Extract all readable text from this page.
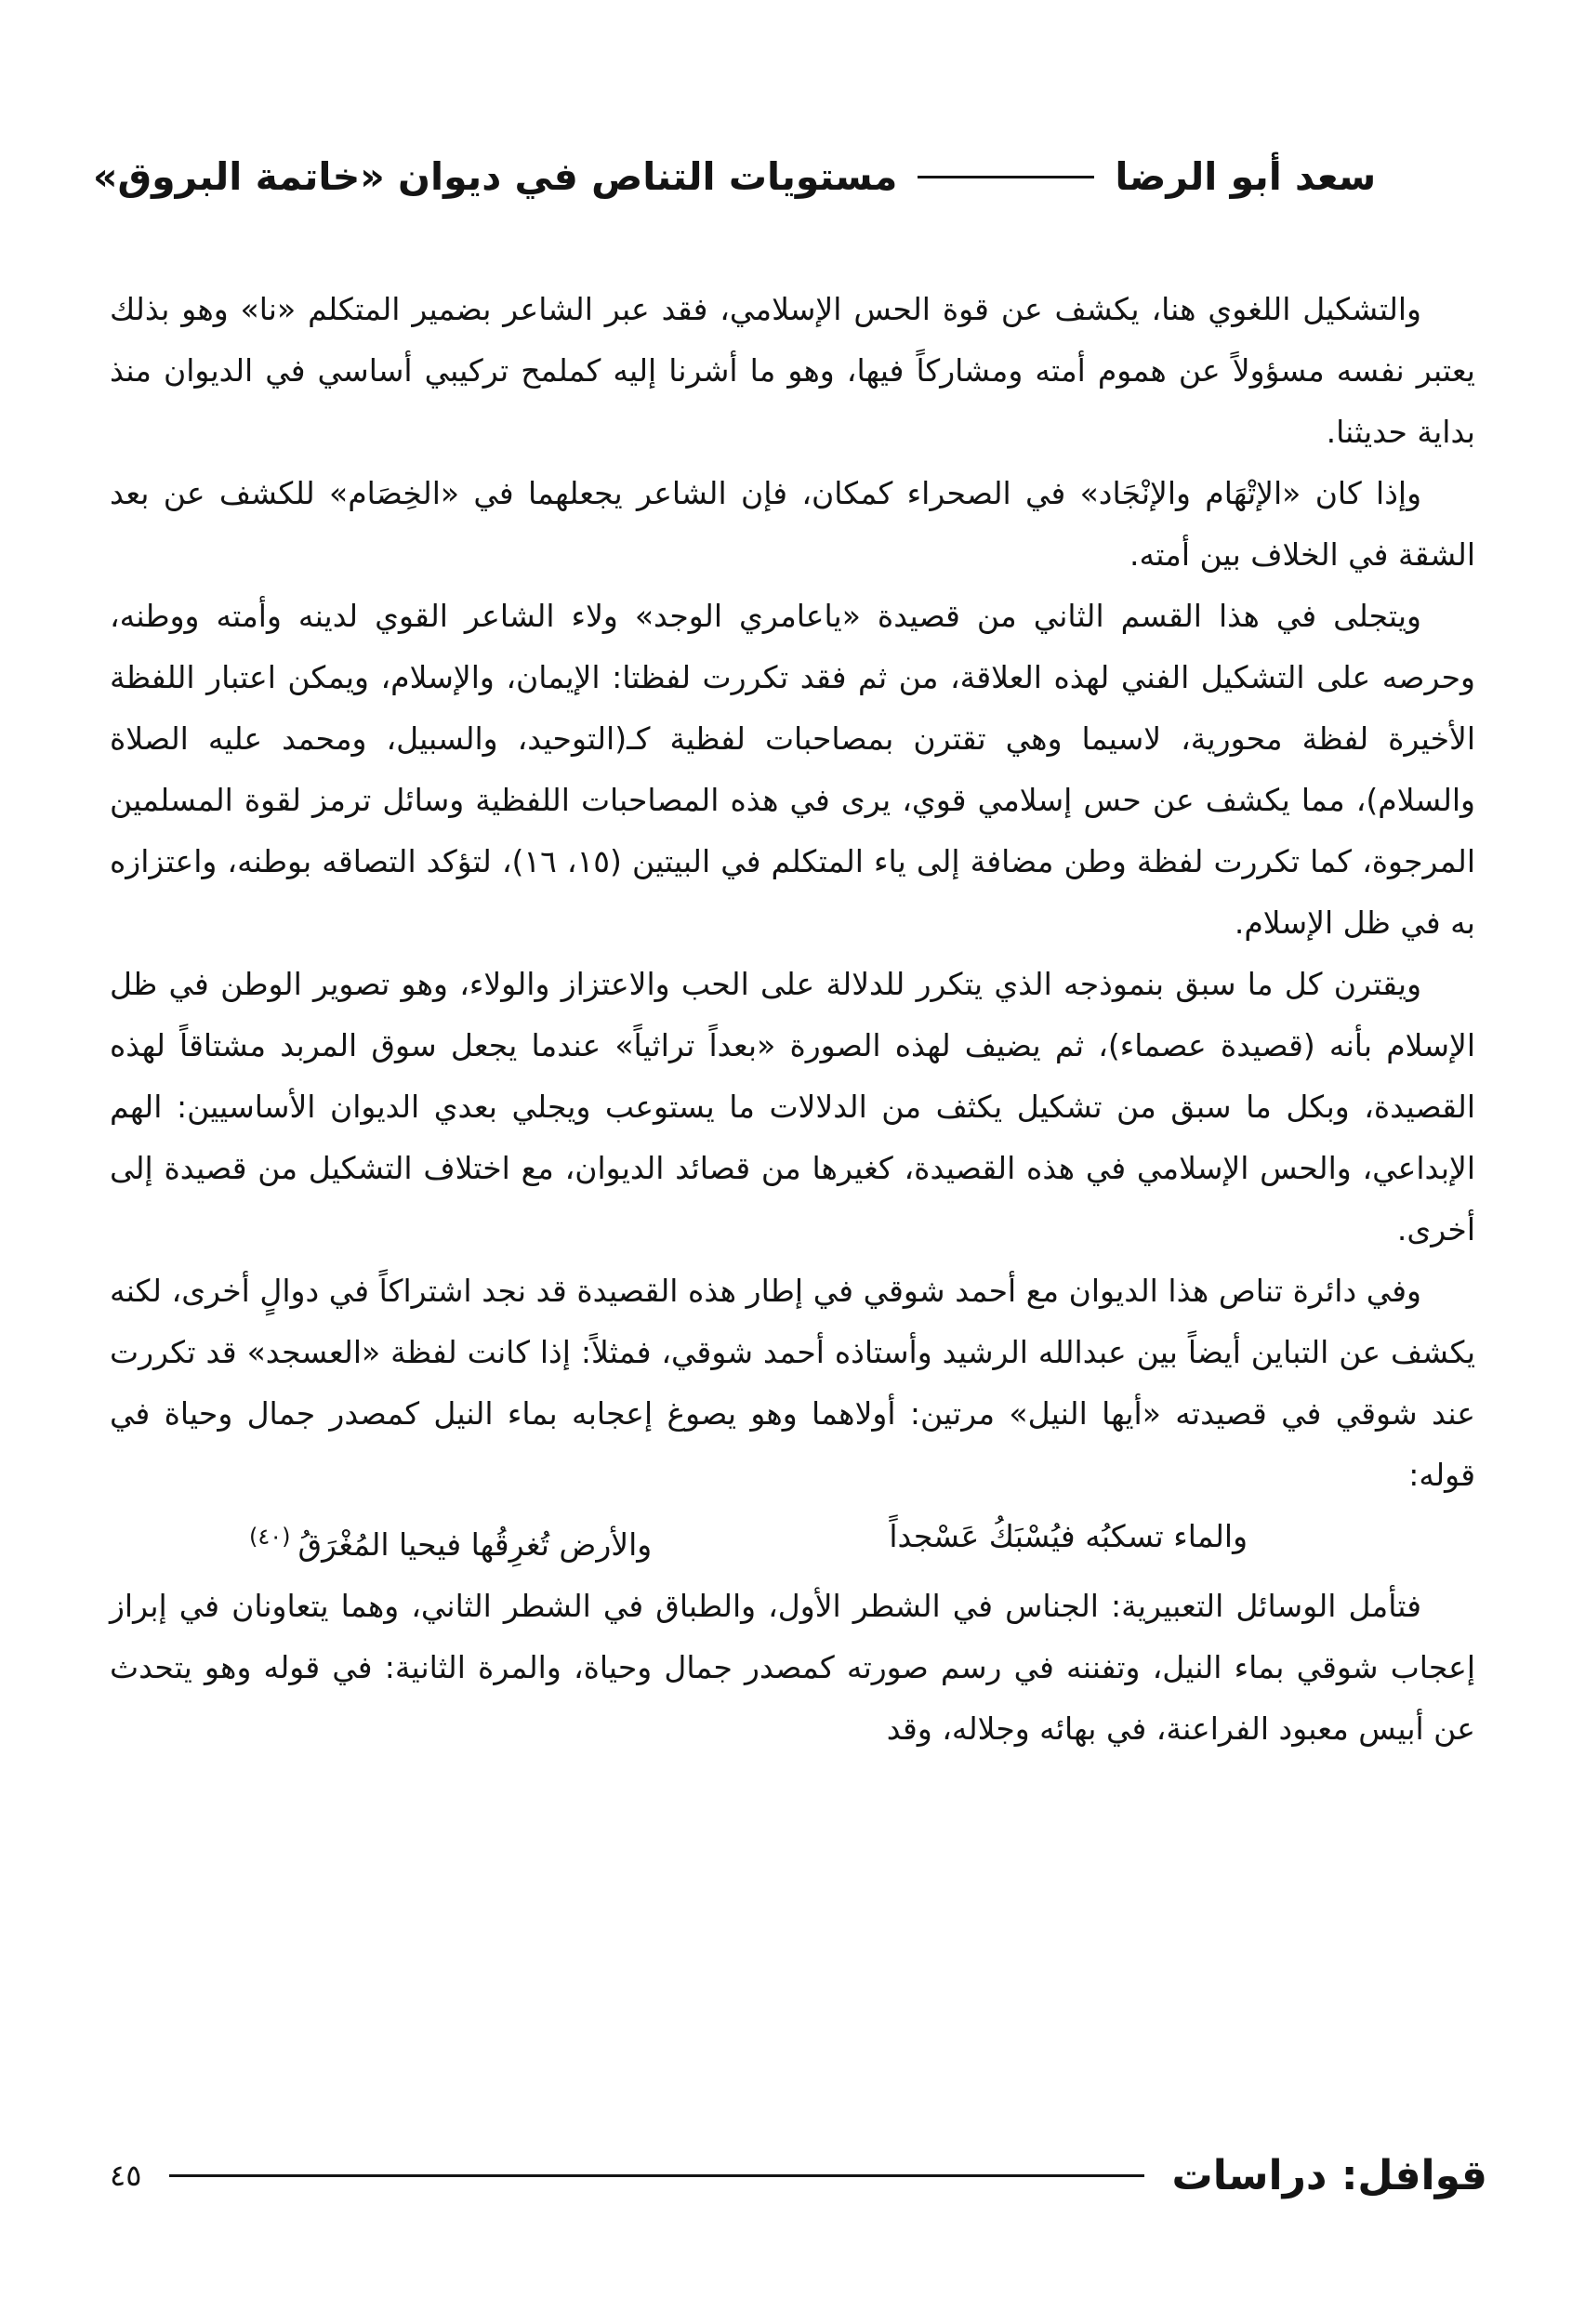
مستويات التناص في ديوان «خاتمة البروق»	سعد أبو الرضا

والتشكيل اللغوي هنا، يكشف عن قوة الحس الإسلامي، فقد عبر الشاعر بضمير المتكلم «نا» وهو بذلك يعتبر نفسه مسؤولاً عن هموم أمته ومشاركاً فيها، وهو ما أشرنا إليه كملمح تركيبي أساسي في الديوان منذ بداية حديثنا.

وإذا كان «الإتْهَام والإنْجَاد» في الصحراء كمكان، فإن الشاعر يجعلهما في «الخِصَام» للكشف عن بعد الشقة في الخلاف بين أمته.

ويتجلى في هذا القسم الثاني من قصيدة «ياعامري الوجد» ولاء الشاعر القوي لدينه وأمته ووطنه، وحرصه على التشكيل الفني لهذه العلاقة، من ثم فقد تكررت لفظتا: الإيمان، والإسلام، ويمكن اعتبار اللفظة الأخيرة لفظة محورية، لاسيما وهي تقترن بمصاحبات لفظية كـ(التوحيد، والسبيل، ومحمد عليه الصلاة والسلام)، مما يكشف عن حس إسلامي قوي، يرى في هذه المصاحبات اللفظية وسائل ترمز لقوة المسلمين المرجوة، كما تكررت لفظة وطن مضافة إلى ياء المتكلم في البيتين (١٥، ١٦)، لتؤكد التصاقه بوطنه، واعتزازه به في ظل الإسلام.

ويقترن كل ما سبق بنموذجه الذي يتكرر للدلالة على الحب والاعتزاز والولاء، وهو تصوير الوطن في ظل الإسلام بأنه (قصيدة عصماء)، ثم يضيف لهذه الصورة «بعداً تراثياً» عندما يجعل سوق المربد مشتاقاً لهذه القصيدة، وبكل ما سبق من تشكيل يكثف من الدلالات ما يستوعب ويجلي بعدي الديوان الأساسيين: الهم الإبداعي، والحس الإسلامي في هذه القصيدة، كغيرها من قصائد الديوان، مع اختلاف التشكيل من قصيدة إلى أخرى.

وفي دائرة تناص هذا الديوان مع أحمد شوقي في إطار هذه القصيدة قد نجد اشتراكاً في دوالٍ أخرى، لكنه يكشف عن التباين أيضاً بين عبدالله الرشيد وأستاذه أحمد شوقي، فمثلاً: إذا كانت لفظة «العسجد» قد تكررت عند شوقي في قصيدته «أيها النيل» مرتين: أولاهما وهو يصوغ إعجابه بماء النيل كمصدر جمال وحياة في قوله:

والماء تسكبُه فيُسْبَكُ عَسْجداً
والأرض تُغرِقُها فيحيا المُغْرَقُ$^{(٤٠)}$

فتأمل الوسائل التعبيرية: الجناس في الشطر الأول، والطباق في الشطر الثاني، وهما يتعاونان في إبراز إعجاب شوقي بماء النيل، وتفننه في رسم صورته كمصدر جمال وحياة، والمرة الثانية: في قوله وهو يتحدث عن أبيس معبود الفراعنة، في بهائه وجلاله، وقد

قوافل: دراسات
٤٥
